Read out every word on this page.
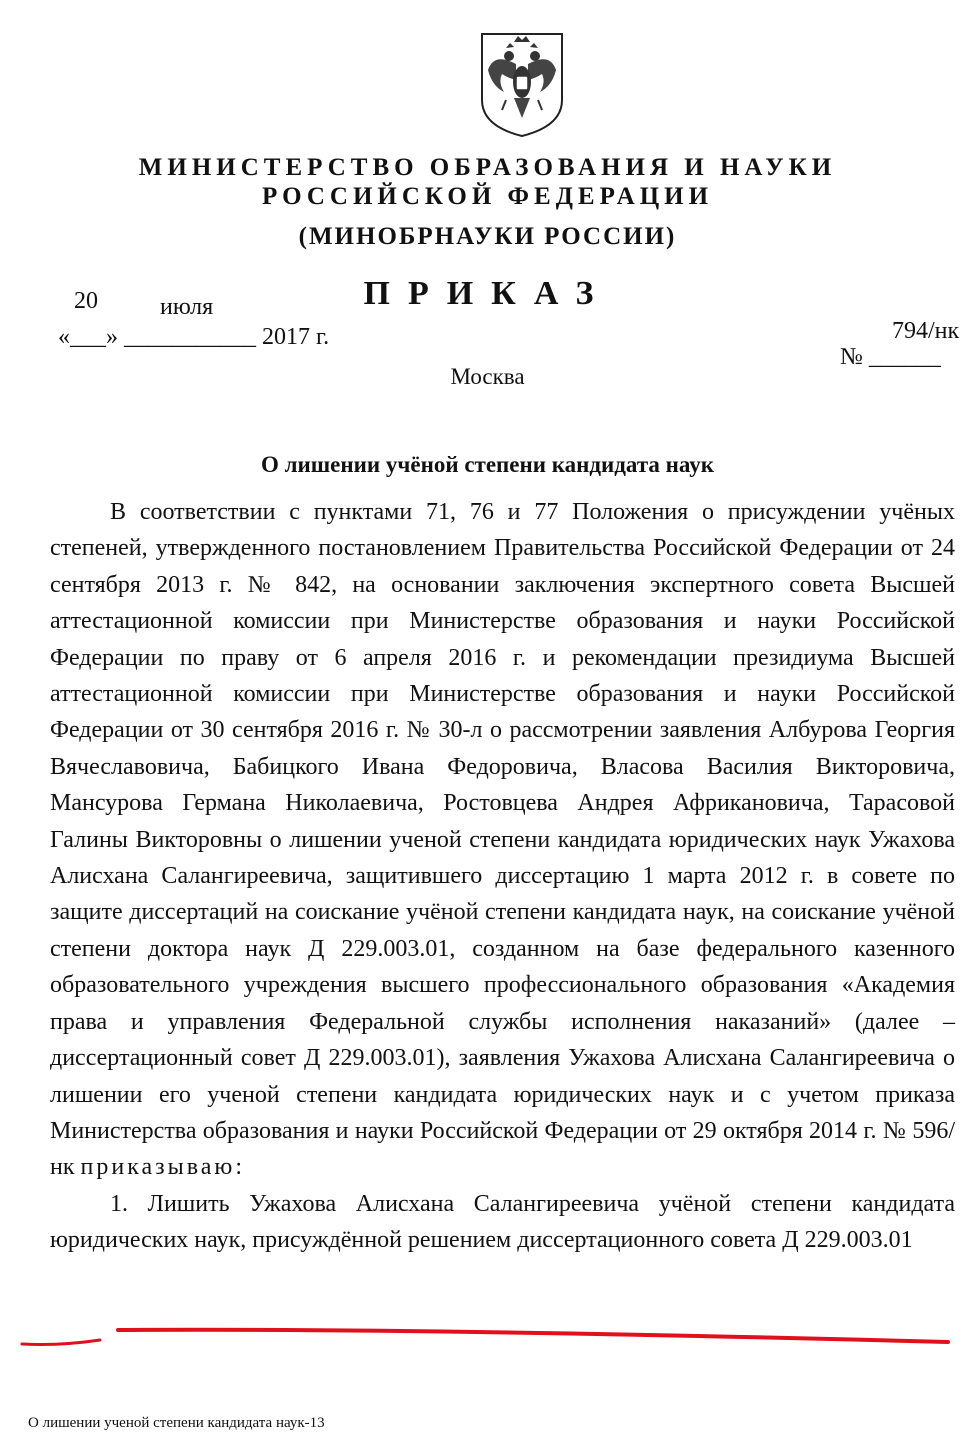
МИНИСТЕРСТВО ОБРАЗОВАНИЯ И НАУКИ
РОССИЙСКОЙ ФЕДЕРАЦИИ
(МИНОБРНАУКИ РОССИИ)
ПРИКАЗ
20	июля
«___» ___________ 2017 г.	794/нк
№ ______
Москва
О лишении учёной степени кандидата наук

В соответствии с пунктами 71, 76 и 77 Положения о присуждении учёных степеней, утвержденного постановлением Правительства Российской Федерации от 24 сентября 2013 г. № 842, на основании заключения экспертного совета Высшей аттестационной комиссии при Министерстве образования и науки Российской Федерации по праву от 6 апреля 2016 г. и рекомендации президиума Высшей аттестационной комиссии при Министерстве образования и науки Российской Федерации от 30 сентября 2016 г. № 30-л о рассмотрении заявления Албурова Георгия Вячеславовича, Бабицкого Ивана Федоровича, Власова Василия Викторовича, Мансурова Германа Николаевича, Ростовцева Андрея Африкановича, Тарасовой Галины Викторовны о лишении ученой степени кандидата юридических наук Ужахова Алисхана Салангиреевича, защитившего диссертацию 1 марта 2012 г. в совете по защите диссертаций на соискание учёной степени кандидата наук, на соискание учёной степени доктора наук Д 229.003.01, созданном на базе федерального казенного образовательного учреждения высшего профессионального образования «Академия права и управления Федеральной службы исполнения наказаний» (далее – диссертационный совет Д 229.003.01), заявления Ужахова Алисхана Салангиреевича о лишении его ученой степени кандидата юридических наук и с учетом приказа Министерства образования и науки Российской Федерации от 29 октября 2014 г. № 596/нк приказываю:

1. Лишить Ужахова Алисхана Салангиреевича учёной степени кандидата юридических наук, присуждённой решением диссертационного совета Д 229.003.01

О лишении ученой степени кандидата наук-13
